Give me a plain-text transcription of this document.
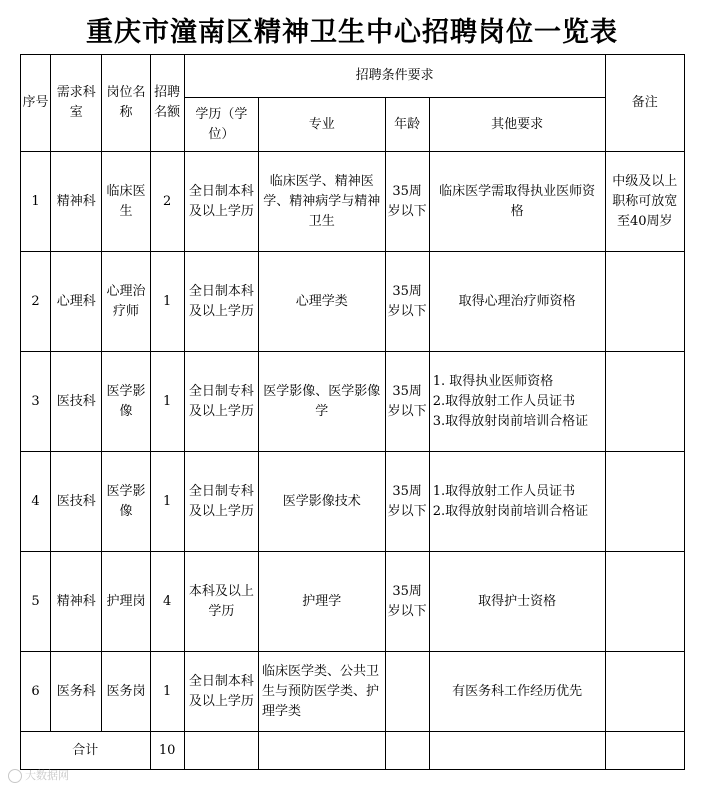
重庆市潼南区精神卫生中心招聘岗位一览表
序号	需求科室	岗位名称	招聘名额	招聘条件要求				备注
				学历（学位）	专业	年龄	其他要求	
1	精神科	临床医生	2	全日制本科及以上学历	临床医学、精神医学、精神病学与精神卫生	35周岁以下	临床医学需取得执业医师资格	中级及以上职称可放宽至40周岁
2	心理科	心理治疗师	1	全日制本科及以上学历	心理学类	35周岁以下	取得心理治疗师资格	

3	医技科	医学影像	1	全日制专科及以上学历	医学影像、医学影像学	35周岁以下	1. 取得执业医师资格
2.取得放射工作人员证书
3.取得放射岗前培训合格证	

4	医技科	医学影像	1	全日制专科及以上学历	医学影像技术	35周岁以下	1.取得放射工作人员证书
2.取得放射岗前培训合格证	

5	精神科	护理岗	4	本科及以上学历	护理学	35周岁以下	取得护士资格	

6	医务科	医务岗	1	全日制本科及以上学历	临床医学类、公共卫生与预防医学类、护理学类		有医务科工作经历优先	

合计			10					
大数据网
